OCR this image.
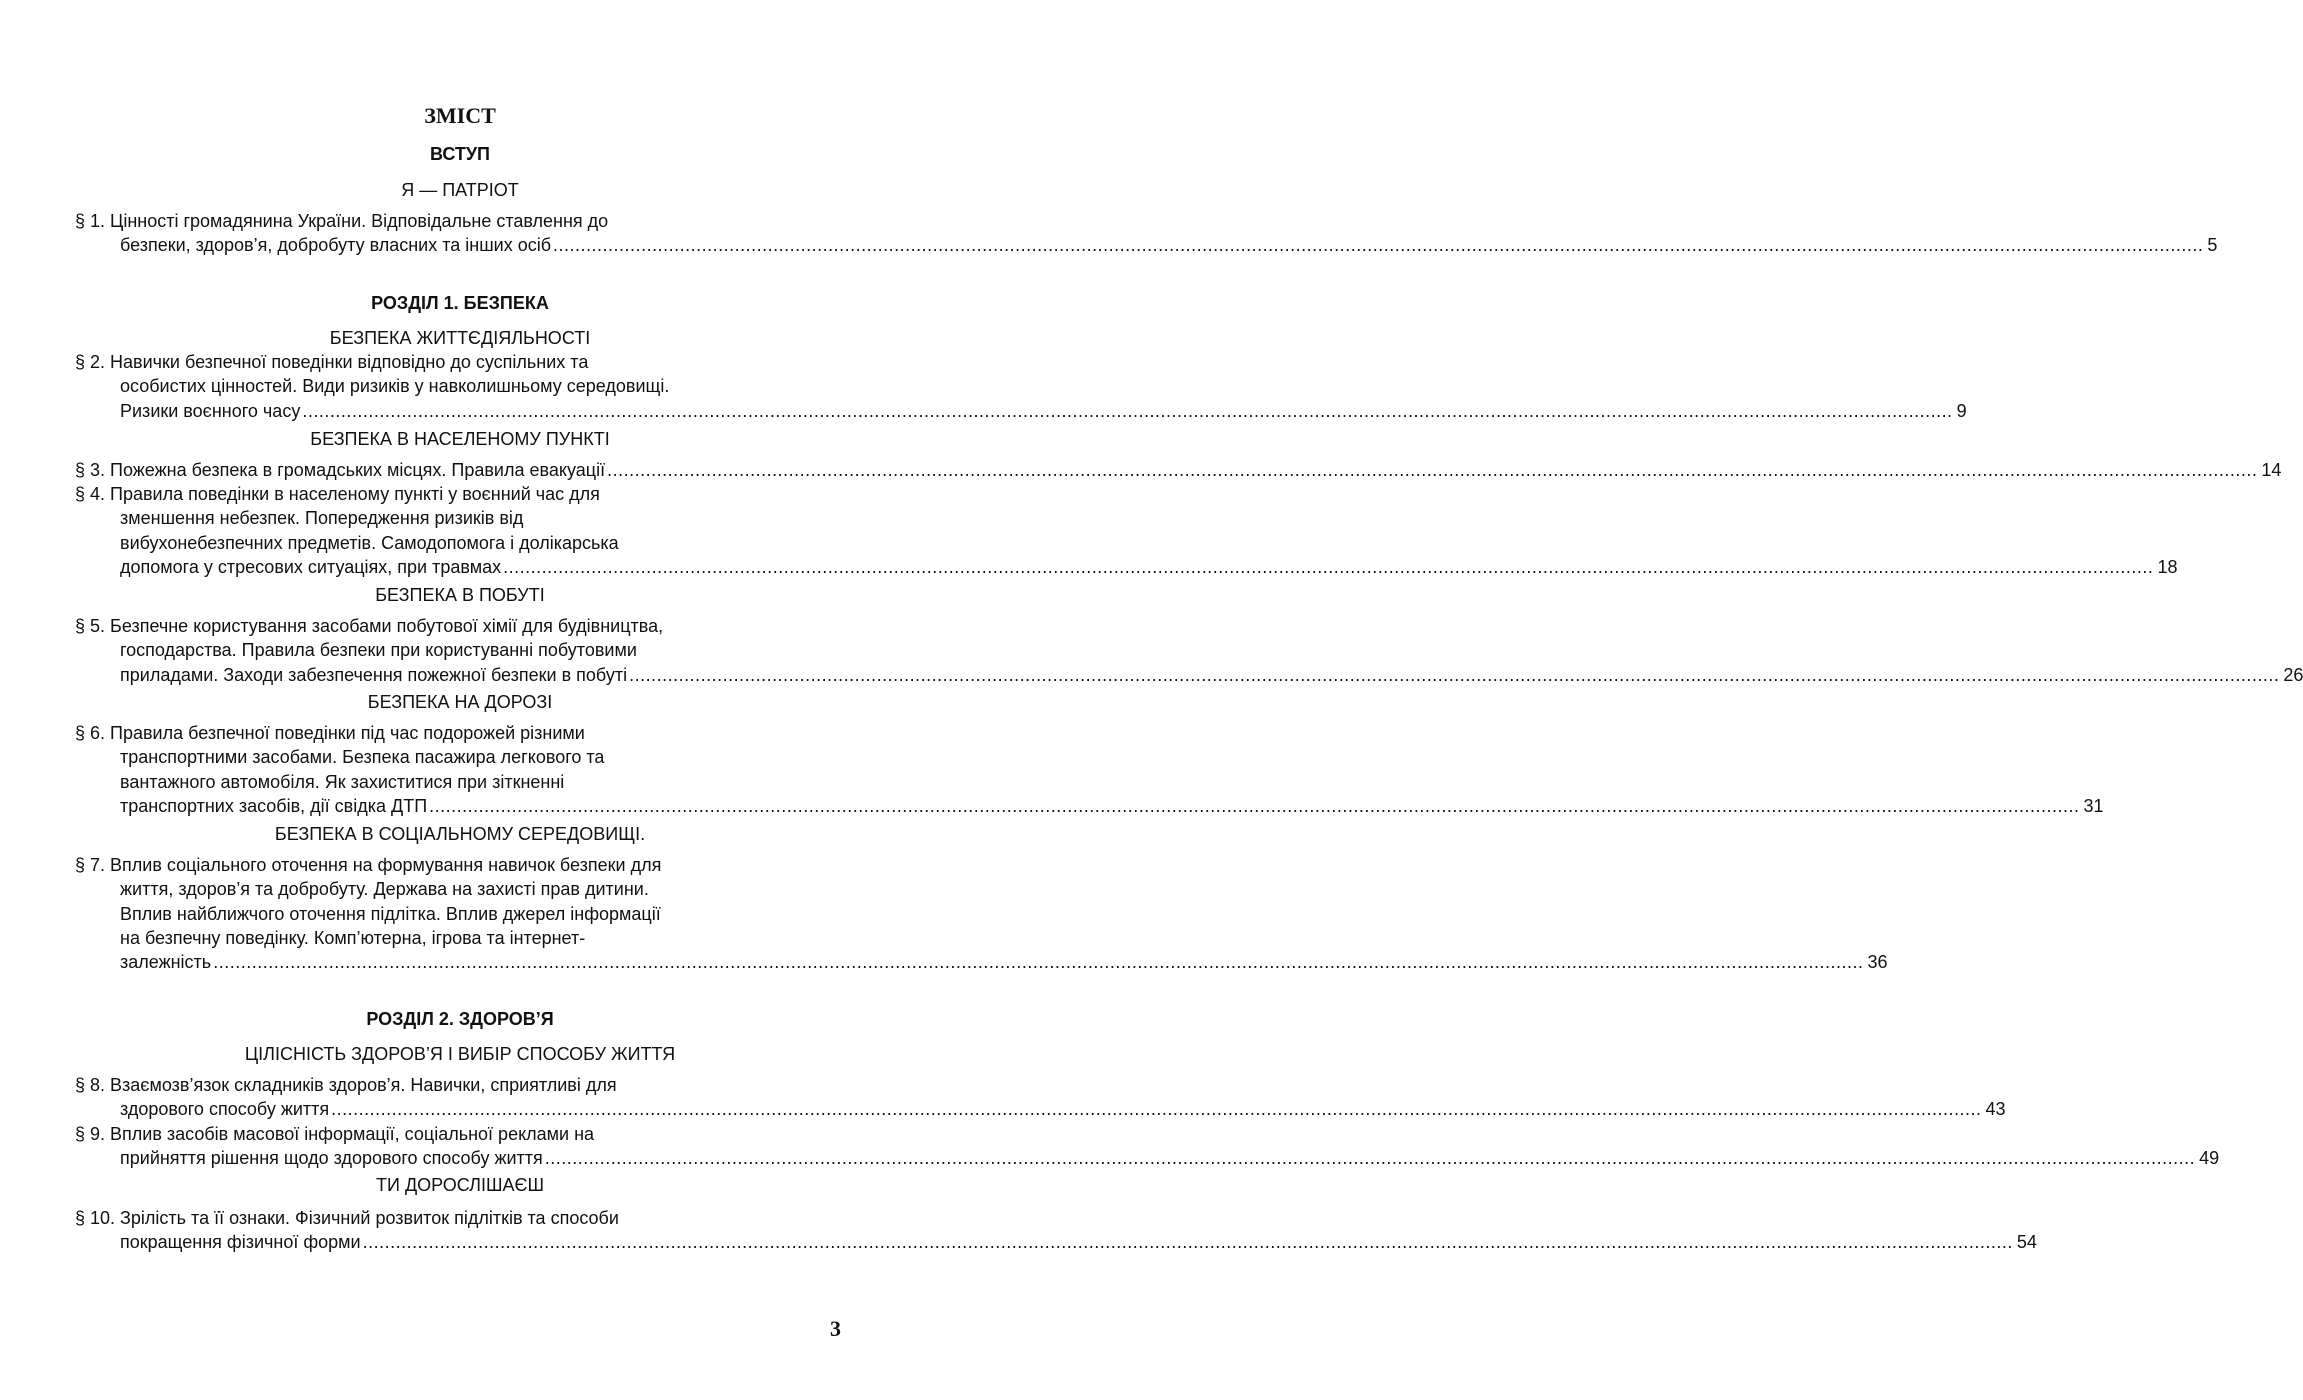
ЗМІСТ
ВСТУП
Я — ПАТРІОТ
§ 1. Цінності громадянина України. Відповідальне ставлення до
безпеки, здоров’я, добробуту власних та інших осіб ............................................................................................................................................................................................................................................................................................................ 5
РОЗДІЛ 1. БЕЗПЕКА
БЕЗПЕКА ЖИТТЄДІЯЛЬНОСТІ
§ 2. Навички безпечної поведінки відповідно до суспільних та
особистих цінностей. Види ризиків у навколишньому середовищі.
Ризики воєнного часу ............................................................................................................................................................................................................................................................................................................ 9
БЕЗПЕКА В НАСЕЛЕНОМУ ПУНКТІ
§ 3. Пожежна безпека в громадських місцях. Правила евакуації ............................................................................................................................................................................................................................................................................................................ 14
§ 4. Правила поведінки в населеному пункті у воєнний час для
зменшення небезпек. Попередження ризиків від
вибухонебезпечних предметів. Самодопомога і долікарська
допомога у стресових ситуаціях, при травмах ............................................................................................................................................................................................................................................................................................................ 18
БЕЗПЕКА В ПОБУТІ
§ 5. Безпечне користування засобами побутової хімії для будівництва,
господарства. Правила безпеки при користуванні побутовими
приладами. Заходи забезпечення пожежної безпеки в побуті ............................................................................................................................................................................................................................................................................................................ 26
БЕЗПЕКА НА ДОРОЗІ
§ 6. Правила безпечної поведінки під час подорожей різними
транспортними засобами. Безпека пасажира легкового та
вантажного автомобіля. Як захиститися при зіткненні
транспортних засобів, дії свідка ДТП ............................................................................................................................................................................................................................................................................................................ 31
БЕЗПЕКА В СОЦІАЛЬНОМУ СЕРЕДОВИЩІ.
§ 7. Вплив соціального оточення на формування навичок безпеки для
життя, здоров’я та добробуту. Держава на захисті прав дитини.
Вплив найближчого оточення підлітка. Вплив джерел інформації
на безпечну поведінку. Комп’ютерна, ігрова та інтернет-
залежність ............................................................................................................................................................................................................................................................................................................ 36
РОЗДІЛ 2. ЗДОРОВ’Я
ЦІЛІСНІСТЬ ЗДОРОВ’Я І ВИБІР СПОСОБУ ЖИТТЯ
§ 8. Взаємозв’язок складників здоров’я. Навички, сприятливі для
здорового способу життя ............................................................................................................................................................................................................................................................................................................ 43
§ 9. Вплив засобів масової інформації, соціальної реклами на
прийняття рішення щодо здорового способу життя ............................................................................................................................................................................................................................................................................................................ 49
ТИ ДОРОСЛІШАЄШ
§ 10. Зрілість та її ознаки. Фізичний розвиток підлітків та способи
покращення фізичної форми ............................................................................................................................................................................................................................................................................................................ 54
3
